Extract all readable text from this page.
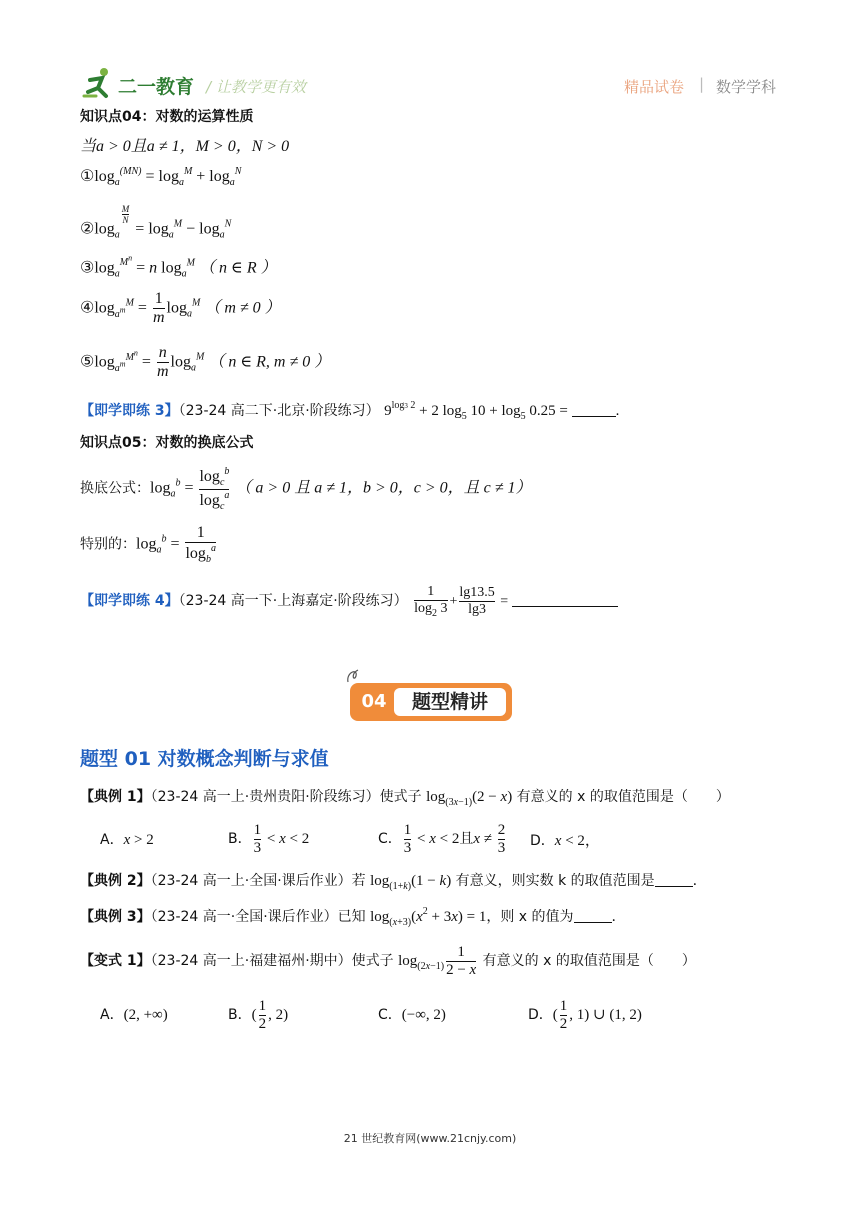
二一教育 / 让教学更有效	精品试卷 | 数学学科
知识点04：对数的运算性质
当a > 0且a ≠ 1，M > 0，N > 0
$①\log_a^{(MN)} = \log_a^M + \log_a^N$
$②\log_a$
$\frac{M}{N}$
= $\log_a^M - \log_a^N$
$③\log_a^{M^n} = n$ $\log_a^M$ （ n ∈ R ）
$④\log_{a^m}^M = \frac{1}{m} \log_a^M$ （ m ≠ 0 ）
$⑤\log_{a^m}^{M^n} = \frac{n}{m} \log_a^M$ （ n ∈ R, m ≠ 0 ）
【即学即练 3】（23-24 高二下·北京·阶段练习） $9^{log3 2} + 2$ $\log_5 10 + \log_5 0.25$ =	.
知识点05：对数的换底公式
换底公式：$\log_a^b = \frac{\log_c^b}{\log_c^a}$ （ a > 0 且 a ≠ 1，b > 0，c > 0，且 c ≠ 1）
特别的：$\log_a^b = \frac{1}{\log_b^a}$
【即学即练 4】（23-24 高一下·上海嘉定·阶段练习） $\frac{1}{\log_2 3} + \frac{\lg 13.5}{\lg 3}$ =
04	题型精讲
题型 01 对数概念判断与求值
【典例 1】（23-24 高一上·贵州贵阳·阶段练习）使式子 $\log_{(3x-1)}(2 - x)$ 有意义的 x 的取值范围是（　　）
A．x > 2	B． $\frac{1}{3} < x < 2$	C． $\frac{1}{3} < x < 2$且$x \ne \frac{2}{3}$ D．x < 2，
【典例 2】（23-24 高一上·全国·课后作业）若 $\log_{(1+k)}(1 - k)$ 有意义，则实数 k 的取值范围是	.
【典例 3】（23-24 高一·全国·课后作业）已知 $\log_{(x+3)}(x^2 + 3x) = 1$，则 x 的值为	.
【变式 1】（23-24 高一上·福建福州·期中）使式子 $\log_{(2x-1)} \frac{1}{2 - x}$ 有意义的 x 的取值范围是（　　）
A．(2, +∞)	B．( $\frac{1}{2}$ , 2)	C．(−∞, 2)	D．( $\frac{1}{2}$ , 1) ∪ (1, 2)
21 世纪教育网(www.21cnjy.com)
